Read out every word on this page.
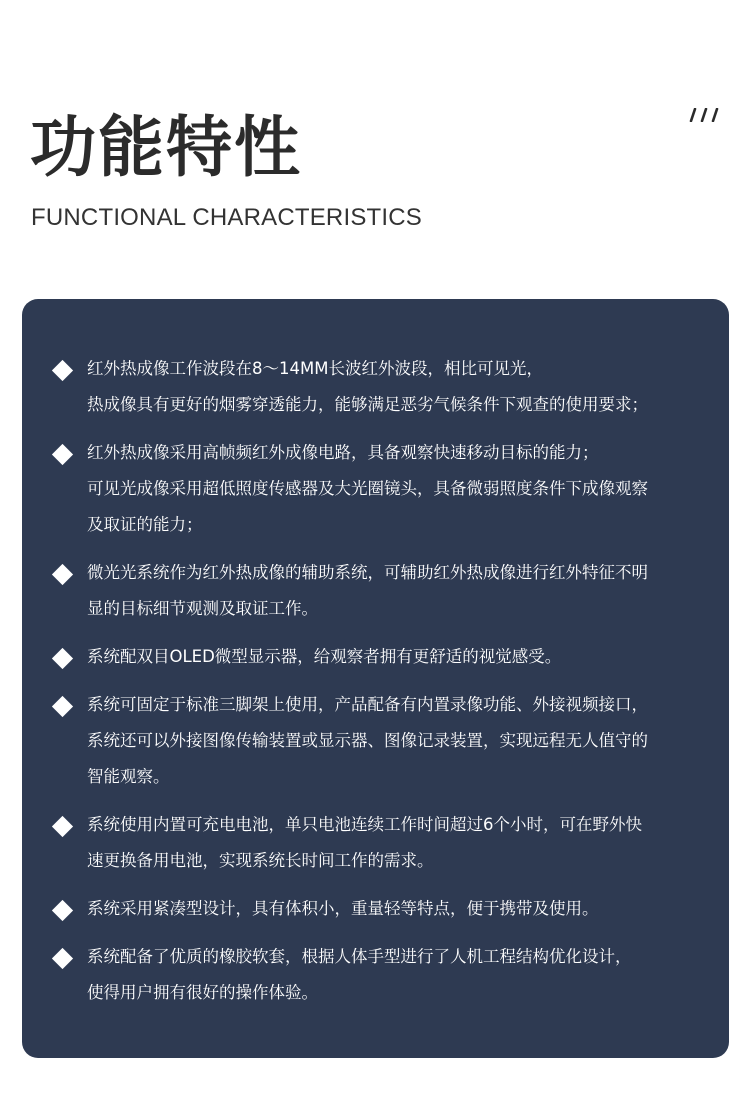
功能特性
FUNCTIONAL CHARACTERISTICS
红外热成像工作波段在8～14MM长波红外波段，相比可见光，
热成像具有更好的烟雾穿透能力，能够满足恶劣气候条件下观查的使用要求；
红外热成像采用高帧频红外成像电路，具备观察快速移动目标的能力；
可见光成像采用超低照度传感器及大光圈镜头，具备微弱照度条件下成像观察
及取证的能力；
微光光系统作为红外热成像的辅助系统，可辅助红外热成像进行红外特征不明
显的目标细节观测及取证工作。
系统配双目OLED微型显示器，给观察者拥有更舒适的视觉感受。
系统可固定于标准三脚架上使用，产品配备有内置录像功能、外接视频接口，
系统还可以外接图像传输装置或显示器、图像记录装置，实现远程无人值守的
智能观察。
系统使用内置可充电电池，单只电池连续工作时间超过6个小时，可在野外快
速更换备用电池，实现系统长时间工作的需求。
系统采用紧凑型设计，具有体积小，重量轻等特点，便于携带及使用。
系统配备了优质的橡胶软套，根据人体手型进行了人机工程结构优化设计，
使得用户拥有很好的操作体验。
